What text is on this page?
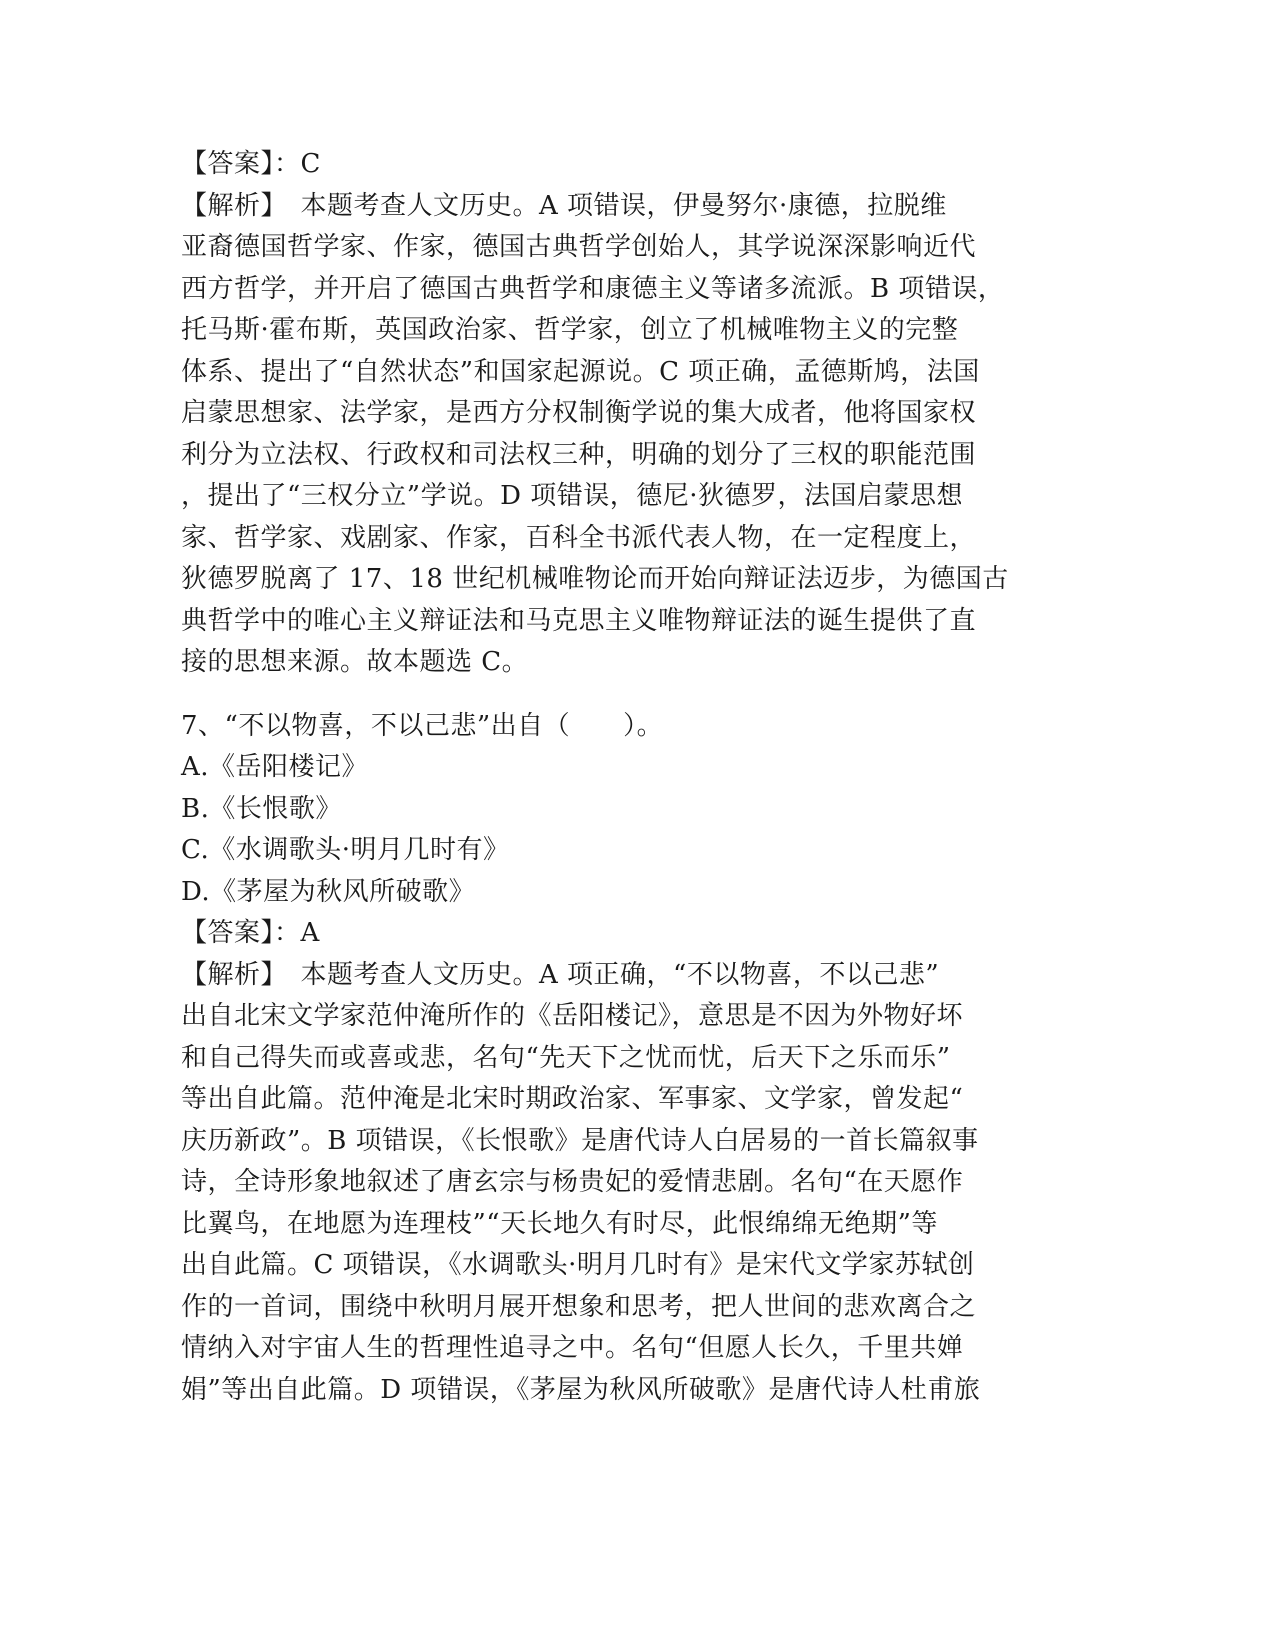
【答案】：C
【解析】　本题考查人文历史。A 项错误，伊曼努尔·康德，拉脱维
亚裔德国哲学家、作家，德国古典哲学创始人，其学说深深影响近代
西方哲学，并开启了德国古典哲学和康德主义等诸多流派。B 项错误，
托马斯·霍布斯，英国政治家、哲学家，创立了机械唯物主义的完整
体系、提出了“自然状态”和国家起源说。C 项正确，孟德斯鸠，法国
启蒙思想家、法学家，是西方分权制衡学说的集大成者，他将国家权
利分为立法权、行政权和司法权三种，明确的划分了三权的职能范围
，提出了“三权分立”学说。D 项错误，德尼·狄德罗，法国启蒙思想
家、哲学家、戏剧家、作家，百科全书派代表人物，在一定程度上，
狄德罗脱离了 17、18 世纪机械唯物论而开始向辩证法迈步，为德国古
典哲学中的唯心主义辩证法和马克思主义唯物辩证法的诞生提供了直
接的思想来源。故本题选 C。
7、“不以物喜，不以己悲”出自（　　）。
A.《岳阳楼记》
B.《长恨歌》
C.《水调歌头·明月几时有》
D.《茅屋为秋风所破歌》
【答案】：A
【解析】　本题考查人文历史。A 项正确，“不以物喜，不以己悲”
出自北宋文学家范仲淹所作的《岳阳楼记》，意思是不因为外物好坏
和自己得失而或喜或悲，名句“先天下之忧而忧，后天下之乐而乐”
等出自此篇。范仲淹是北宋时期政治家、军事家、文学家，曾发起“
庆历新政”。B 项错误，《长恨歌》是唐代诗人白居易的一首长篇叙事
诗，全诗形象地叙述了唐玄宗与杨贵妃的爱情悲剧。名句“在天愿作
比翼鸟，在地愿为连理枝”“天长地久有时尽，此恨绵绵无绝期”等
出自此篇。C 项错误，《水调歌头·明月几时有》是宋代文学家苏轼创
作的一首词，围绕中秋明月展开想象和思考，把人世间的悲欢离合之
情纳入对宇宙人生的哲理性追寻之中。名句“但愿人长久，千里共婵
娟”等出自此篇。D 项错误，《茅屋为秋风所破歌》是唐代诗人杜甫旅
